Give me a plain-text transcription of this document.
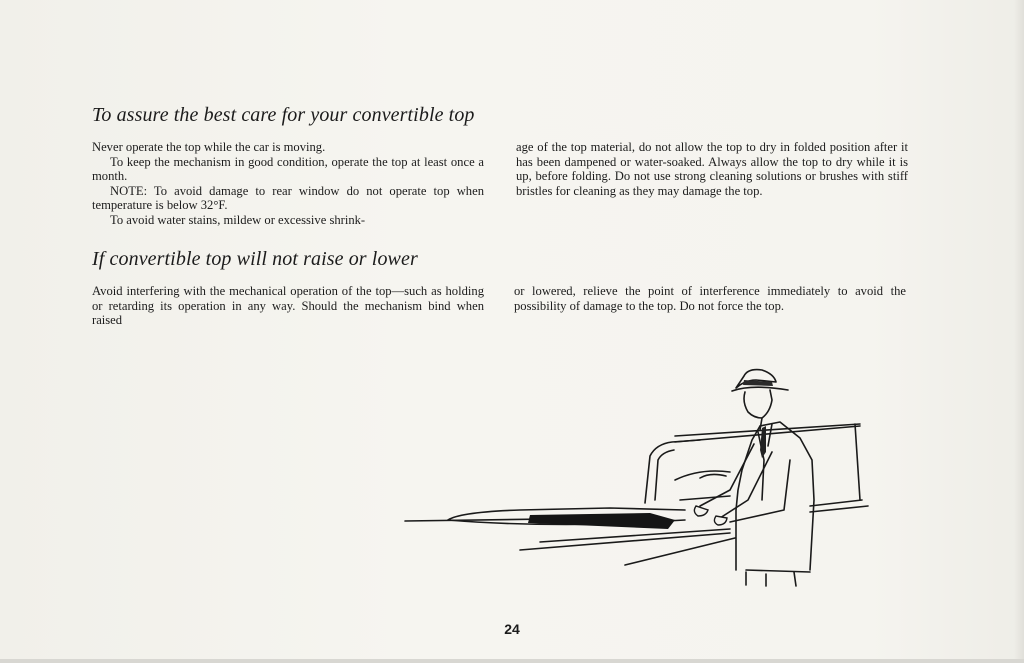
To assure the best care for your convertible top

Never operate the top while the car is moving.

To keep the mechanism in good condition, operate the top at least once a month.

NOTE: To avoid damage to rear window do not operate top when temperature is below 32°F.

To avoid water stains, mildew or excessive shrink-

age of the top material, do not allow the top to dry in folded position after it has been dampened or water-soaked. Always allow the top to dry while it is up, before folding. Do not use strong cleaning solutions or brushes with stiff bristles for cleaning as they may damage the top.

If convertible top will not raise or lower

Avoid interfering with the mechanical operation of the top—such as holding or retarding its operation in any way. Should the mechanism bind when raised

or lowered, relieve the point of interference immediately to avoid the possibility of damage to the top. Do not force the top.

24
